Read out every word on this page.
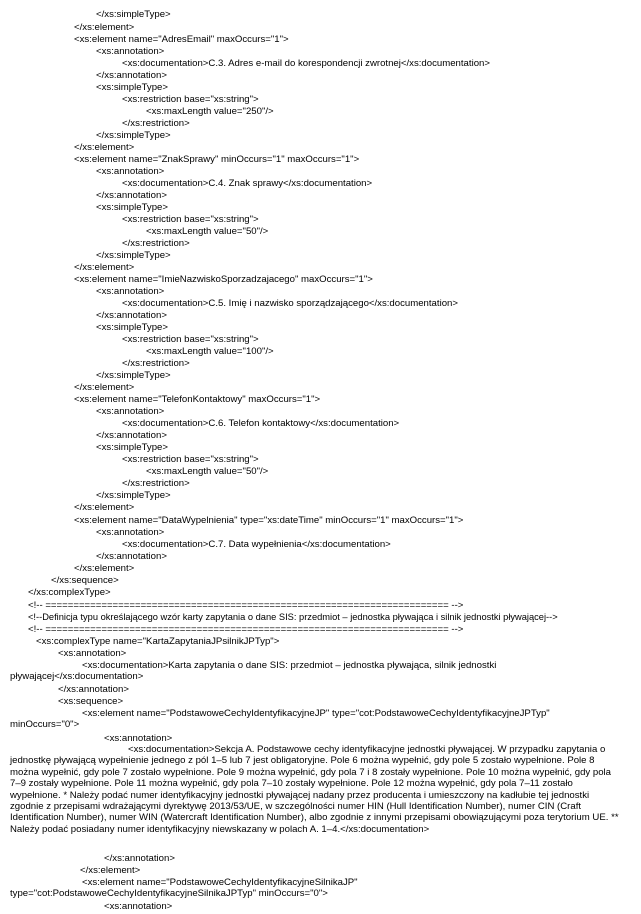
</xs:simpleType>
</xs:element>
<xs:element name="AdresEmail" maxOccurs="1">
<xs:annotation>
<xs:documentation>C.3. Adres e-mail do korespondencji zwrotnej</xs:documentation>
</xs:annotation>
<xs:simpleType>
<xs:restriction base="xs:string">
<xs:maxLength value="250"/>
</xs:restriction>
</xs:simpleType>
</xs:element>
<xs:element name="ZnakSprawy" minOccurs="1" maxOccurs="1">
<xs:annotation>
<xs:documentation>C.4. Znak sprawy</xs:documentation>
</xs:annotation>
<xs:simpleType>
<xs:restriction base="xs:string">
<xs:maxLength value="50"/>
</xs:restriction>
</xs:simpleType>
</xs:element>
<xs:element name="ImieNazwiskoSporzadzajacego" maxOccurs="1">
<xs:annotation>
<xs:documentation>C.5. Imię i nazwisko sporządzającego</xs:documentation>
</xs:annotation>
<xs:simpleType>
<xs:restriction base="xs:string">
<xs:maxLength value="100"/>
</xs:restriction>
</xs:simpleType>
</xs:element>
<xs:element name="TelefonKontaktowy" maxOccurs="1">
<xs:annotation>
<xs:documentation>C.6. Telefon kontaktowy</xs:documentation>
</xs:annotation>
<xs:simpleType>
<xs:restriction base="xs:string">
<xs:maxLength value="50"/>
</xs:restriction>
</xs:simpleType>
</xs:element>
<xs:element name="DataWypelnienia" type="xs:dateTime" minOccurs="1" maxOccurs="1">
<xs:annotation>
<xs:documentation>C.7. Data wypełnienia</xs:documentation>
</xs:annotation>
</xs:element>
</xs:sequence>
</xs:complexType>
<!-- ======================================================================== -->
<!--Definicja typu określającego wzór karty zapytania o dane SIS: przedmiot – jednostka pływająca i silnik jednostki pływającej-->
<!-- ======================================================================== -->
<xs:complexType name="KartaZapytaniaJPsilnikJPTyp">
<xs:annotation>
<xs:documentation>Karta zapytania o dane SIS: przedmiot – jednostka pływająca, silnik jednostki pływającej</xs:documentation>
</xs:annotation>
<xs:sequence>
<xs:element name="PodstawoweCechyIdentyfikacyjneJP" type="cot:PodstawoweCechyIdentyfikacyjneJPTyp" minOccurs="0">
<xs:annotation>
<xs:documentation>Sekcja A. Podstawowe cechy identyfikacyjne jednostki pływającej. W przypadku zapytania o jednostkę pływającą wypełnienie jednego z pól 1–5 lub 7 jest obligatoryjne. Pole 6 można wypełnić, gdy pole 5 zostało wypełnione. Pole 8 można wypełnić, gdy pole 7 zostało wypełnione. Pole 9 można wypełnić, gdy pola 7 i 8 zostały wypełnione. Pole 10 można wypełnić, gdy pola 7–9 zostały wypełnione. Pole 11 można wypełnić, gdy pola 7–10 zostały wypełnione. Pole 12 można wypełnić, gdy pola 7–11 zostało wypełnione. * Należy podać numer identyfikacyjny jednostki pływającej nadany przez producenta i umieszczony na kadłubie tej jednostki zgodnie z przepisami wdrażającymi dyrektywę 2013/53/UE, w szczególności numer HIN (Hull Identification Number), numer CIN (Craft Identification Number), numer WIN (Watercraft Identification Number), albo zgodnie z innymi przepisami obowiązującymi poza terytorium UE. ** Należy podać posiadany numer identyfikacyjny niewskazany w polach A. 1–4.</xs:documentation>
</xs:annotation>
</xs:element>
<xs:element name="PodstawoweCechyIdentyfikacyjneSilnikaJP" type="cot:PodstawoweCechyIdentyfikacyjneSilnikaJPTyp" minOccurs="0">
<xs:annotation>
